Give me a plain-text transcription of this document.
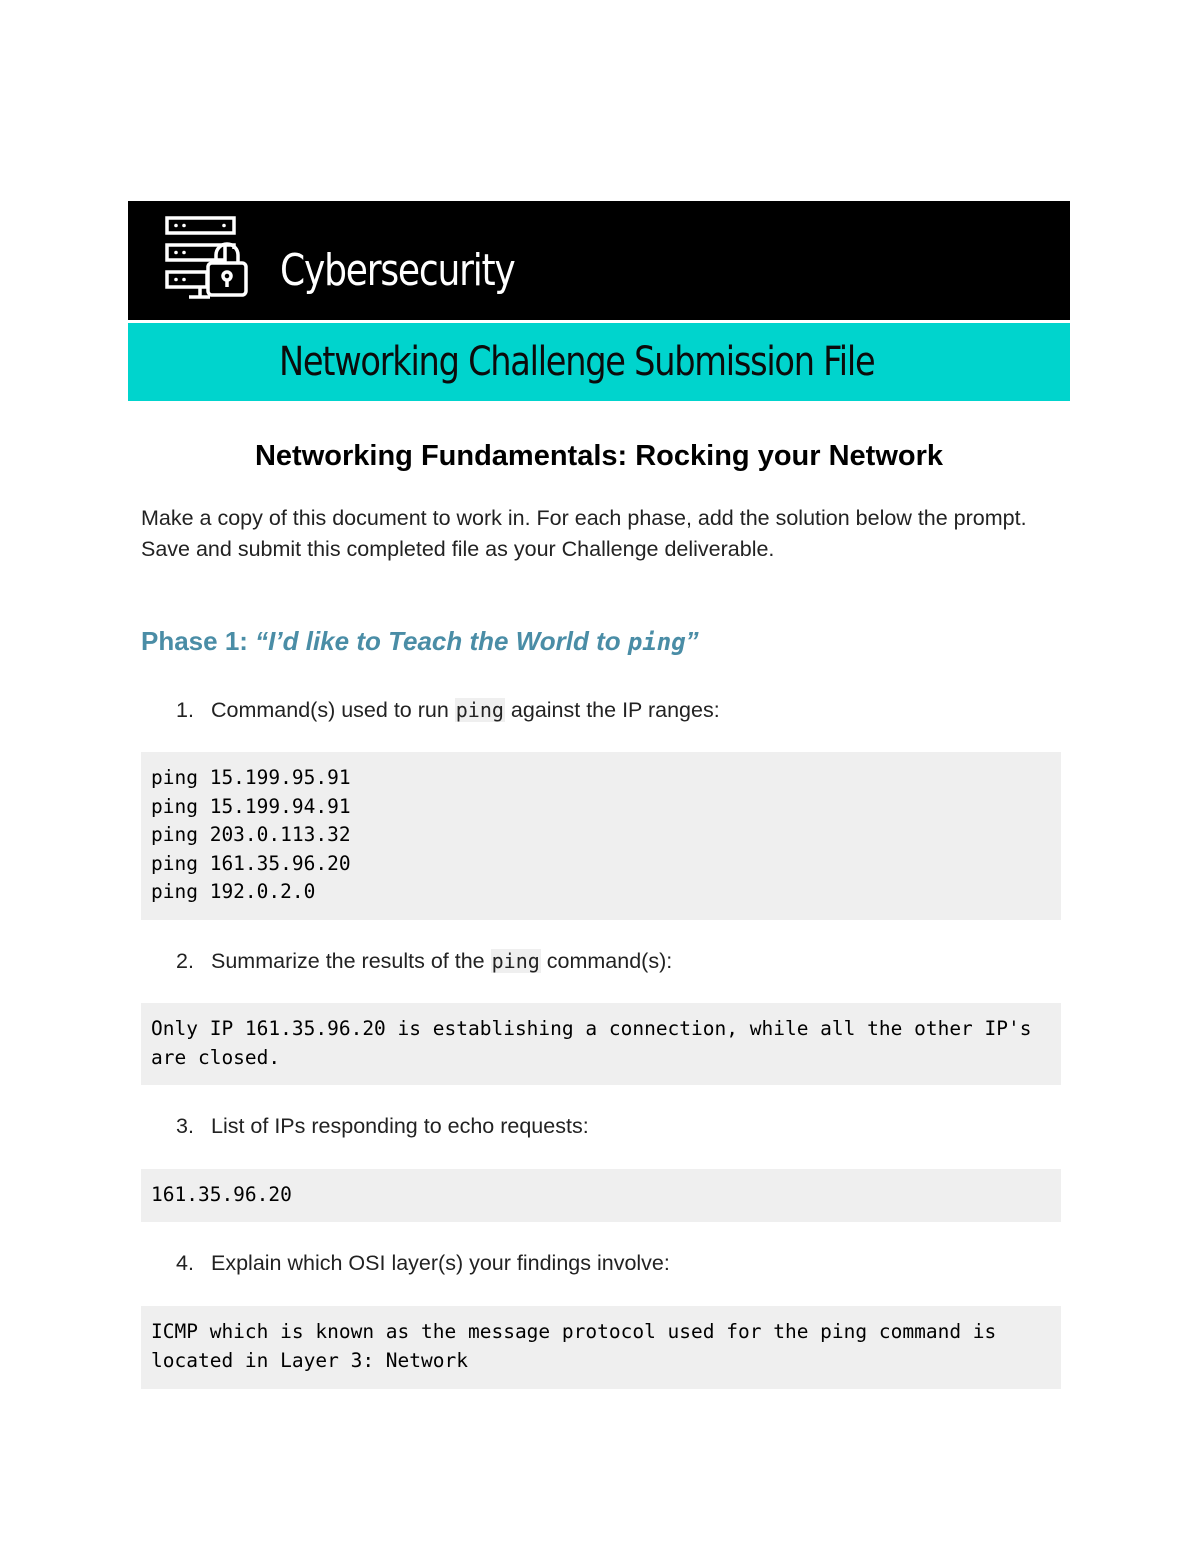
Cybersecurity
Networking Challenge Submission File
Networking Fundamentals: Rocking your Network
Make a copy of this document to work in. For each phase, add the solution below the prompt. Save and submit this completed file as your Challenge deliverable.
Phase 1: “I’d like to Teach the World to ping”
1. Command(s) used to run ping against the IP ranges:
ping 15.199.95.91
ping 15.199.94.91
ping 203.0.113.32
ping 161.35.96.20
ping 192.0.2.0
2. Summarize the results of the ping command(s):
Only IP 161.35.96.20 is establishing a connection, while all the other IP's are closed.
3. List of IPs responding to echo requests:
161.35.96.20
4. Explain which OSI layer(s) your findings involve:
ICMP which is known as the message protocol used for the ping command is located in Layer 3: Network
